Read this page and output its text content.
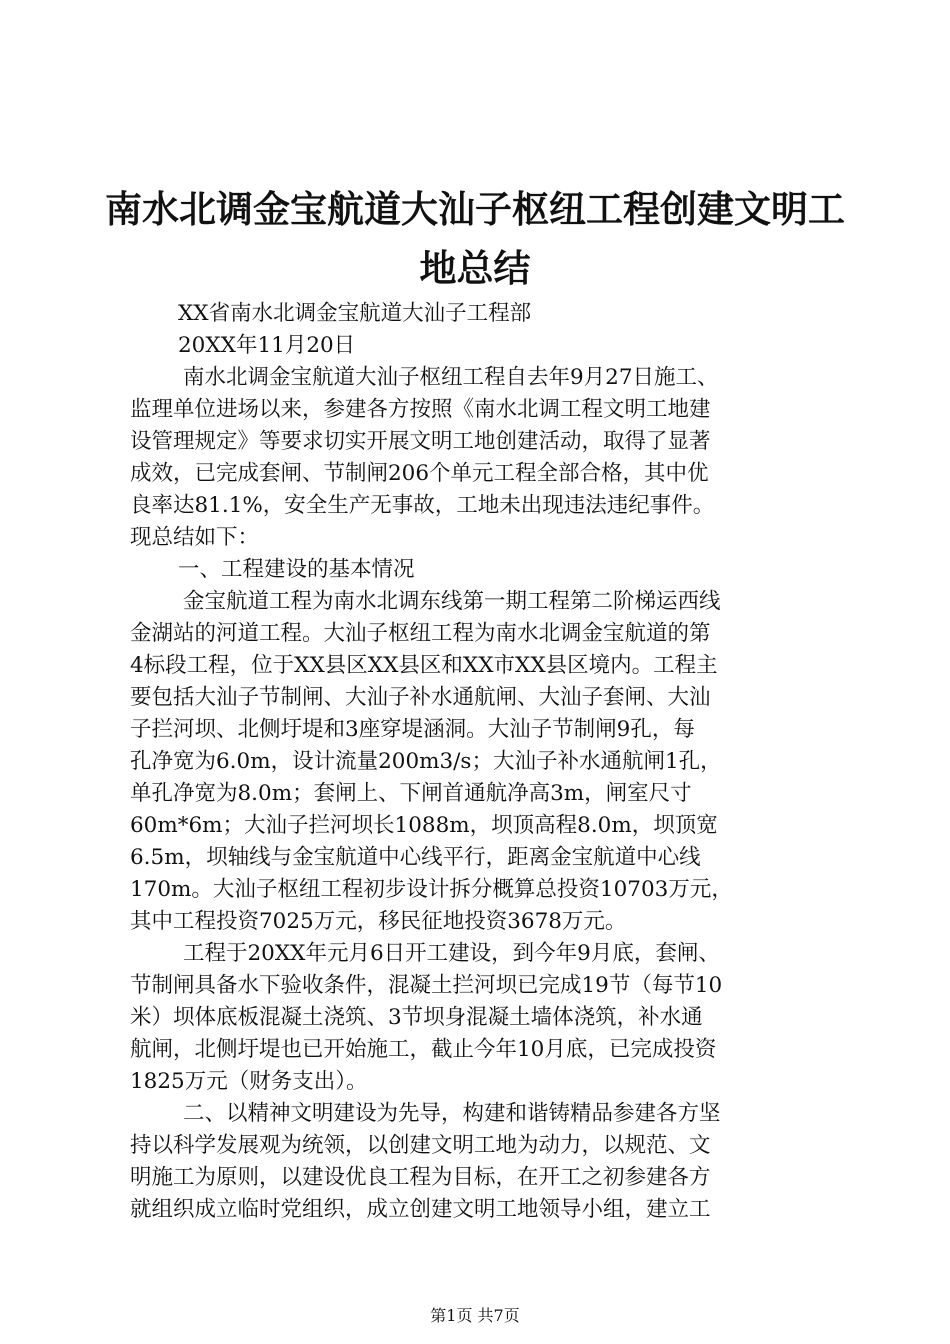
南水北调金宝航道大汕子枢纽工程创建文明工
地总结
XX省南水北调金宝航道大汕子工程部
20XX年11月20日
南水北调金宝航道大汕子枢纽工程自去年9月27日施工、
监理单位进场以来，参建各方按照《南水北调工程文明工地建
设管理规定》等要求切实开展文明工地创建活动，取得了显著
成效，已完成套闸、节制闸206个单元工程全部合格，其中优
良率达81.1%，安全生产无事故，工地未出现违法违纪事件。
现总结如下：
一、工程建设的基本情况
金宝航道工程为南水北调东线第一期工程第二阶梯运西线
金湖站的河道工程。大汕子枢纽工程为南水北调金宝航道的第
4标段工程，位于XX县区XX县区和XX市XX县区境内。工程主
要包括大汕子节制闸、大汕子补水通航闸、大汕子套闸、大汕
子拦河坝、北侧圩堤和3座穿堤涵洞。大汕子节制闸9孔，每
孔净宽为6.0m，设计流量200m3/s；大汕子补水通航闸1孔，
单孔净宽为8.0m；套闸上、下闸首通航净高3m，闸室尺寸
60m*6m；大汕子拦河坝长1088m，坝顶高程8.0m，坝顶宽
6.5m，坝轴线与金宝航道中心线平行，距离金宝航道中心线
170m。大汕子枢纽工程初步设计拆分概算总投资10703万元，
其中工程投资7025万元，移民征地投资3678万元。
工程于20XX年元月6日开工建设，到今年9月底，套闸、
节制闸具备水下验收条件，混凝土拦河坝已完成19节（每节10
米）坝体底板混凝土浇筑、3节坝身混凝土墙体浇筑，补水通
航闸，北侧圩堤也已开始施工，截止今年10月底，已完成投资
1825万元（财务支出）。
二、以精神文明建设为先导，构建和谐铸精品参建各方坚
持以科学发展观为统领，以创建文明工地为动力，以规范、文
明施工为原则，以建设优良工程为目标，在开工之初参建各方
就组织成立临时党组织，成立创建文明工地领导小组，建立工
第1页 共7页
